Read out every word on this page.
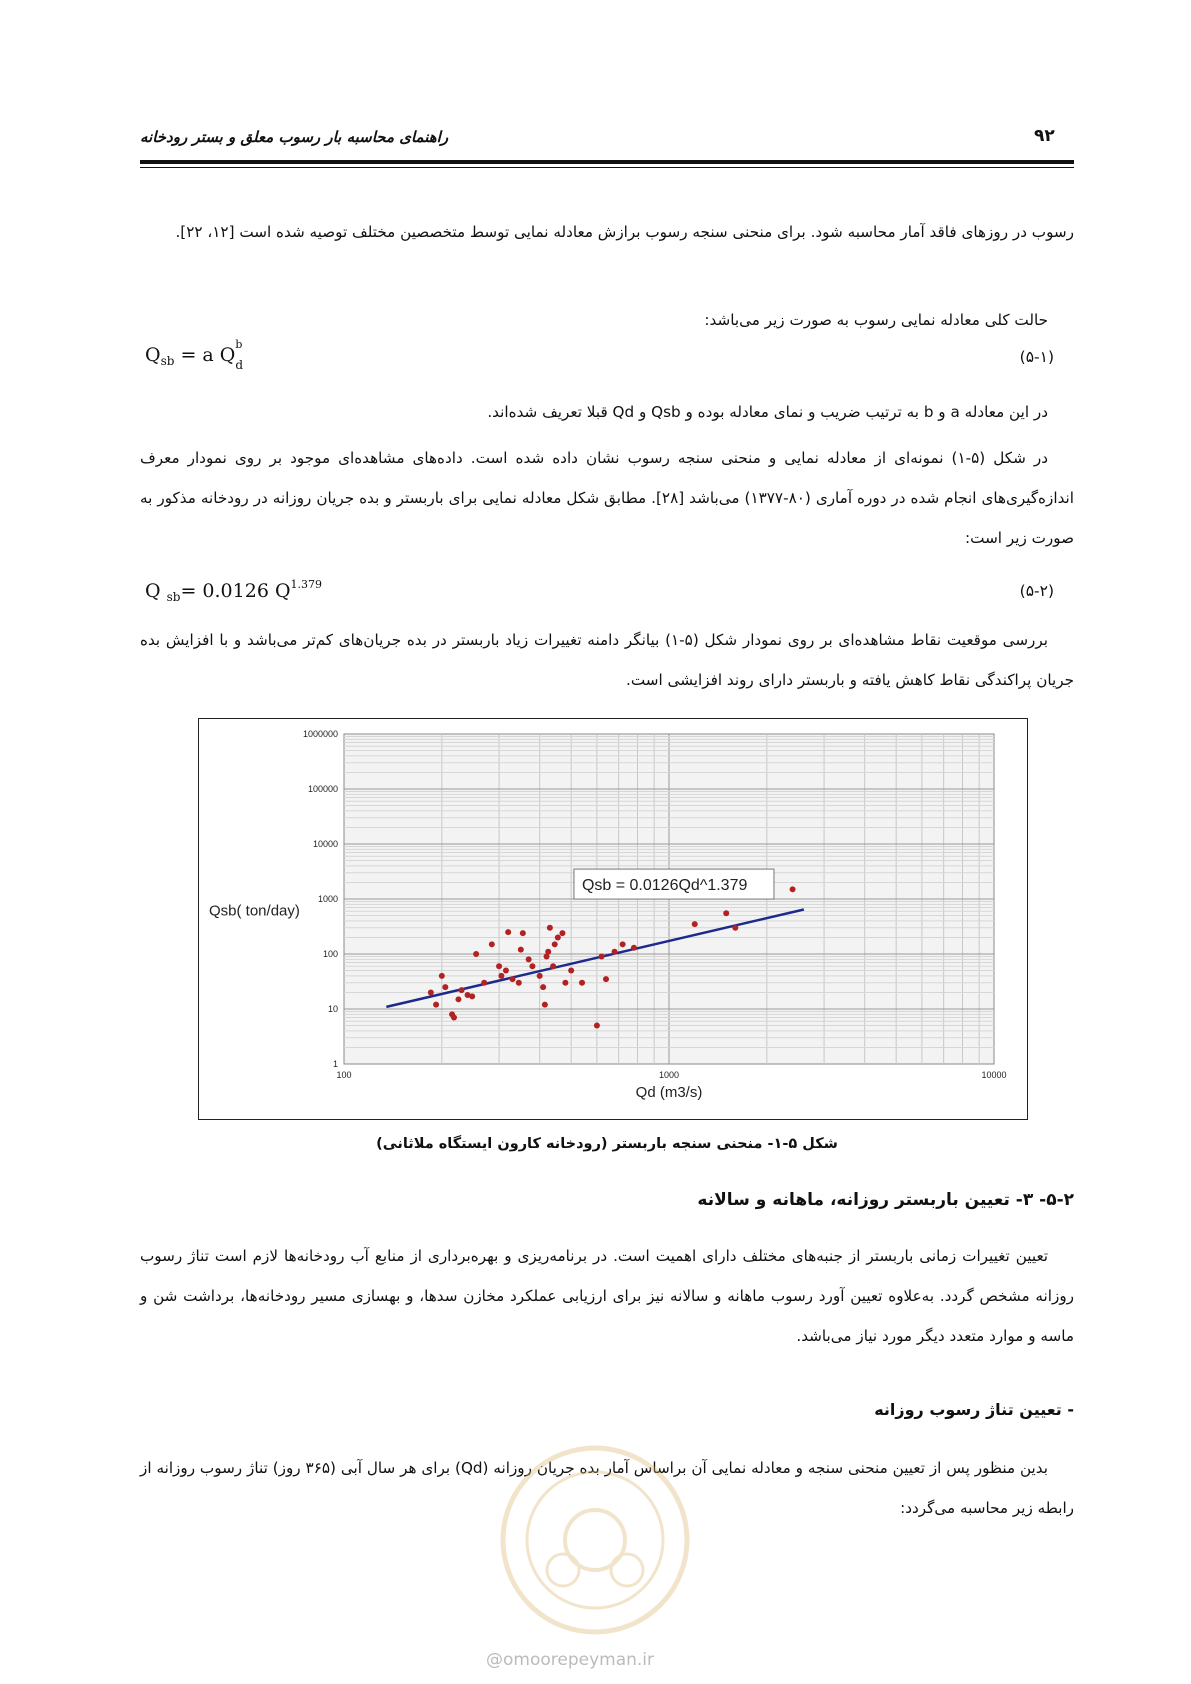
۹۲
راهنمای محاسبه بار رسوب معلق و بستر رودخانه
رسوب در روزهای فاقد آمار محاسبه شود. برای منحنی سنجه رسوب برازش معادله نمایی توسط متخصصین مختلف توصیه شده است [۱۲، ۲۲].
حالت کلی معادله نمایی رسوب به صورت زیر می‌باشد:
$Q_{sb} = a$ Q b
$_d$	(۵-۱)
در این معادله a و b به ترتیب ضریب و نمای معادله بوده و Qsb و Qd قبلا تعریف شده‌اند.
در شکل (۵-۱) نمونه‌ای از معادله نمایی و منحنی سنجه رسوب نشان داده شده است. داده‌های مشاهده‌ای موجود بر روی نمودار معرف اندازه‌گیری‌های انجام شده در دوره آماری (۸۰-۱۳۷۷) می‌باشد [۲۸]. مطابق شکل معادله نمایی برای باربستر و بده جریان روزانه در رودخانه مذکور به صورت زیر است:
Q $_{sb}$= 0.0126 $Q^{1.379}$	(۵-۲)
بررسی موقعیت نقاط مشاهده‌ای بر روی نمودار شکل (۵-۱) بیانگر دامنه تغییرات زیاد باربستر در بده جریان‌های کم‌تر می‌باشد و با افزایش بده جریان پراکندگی نقاط کاهش یافته و باربستر دارای روند افزایشی است.
1
10
100
1000
10000
100000
1000000
100	1000	10000
Qd (m3/s)
Qsb( ton/day)
Qsb = 0.0126Qd^1.379
شکل ۵-۱- منحنی سنجه باربستر (رودخانه کارون ایستگاه ملاثانی)
۵-۲- ۳- تعیین باربستر روزانه، ماهانه و سالانه
تعیین تغییرات زمانی باربستر از جنبه‌های مختلف دارای اهمیت است. در برنامه‌ریزی و بهره‌برداری از منابع آب رودخانه‌ها لازم است تناژ رسوب روزانه مشخص گردد. به‌علاوه تعیین آورد رسوب ماهانه و سالانه نیز برای ارزیابی عملکرد مخازن سدها، و بهسازی مسیر رودخانه‌ها، برداشت شن و ماسه و موارد متعدد دیگر مورد نیاز می‌باشد.
- تعیین تناژ رسوب روزانه
بدین منظور پس از تعیین منحنی سنجه و معادله نمایی آن براساس آمار بده جریان روزانه (Qd) برای هر سال آبی (۳۶۵ روز) تناژ رسوب روزانه از رابطه زیر محاسبه می‌گردد:
@omoorepeyman.ir
